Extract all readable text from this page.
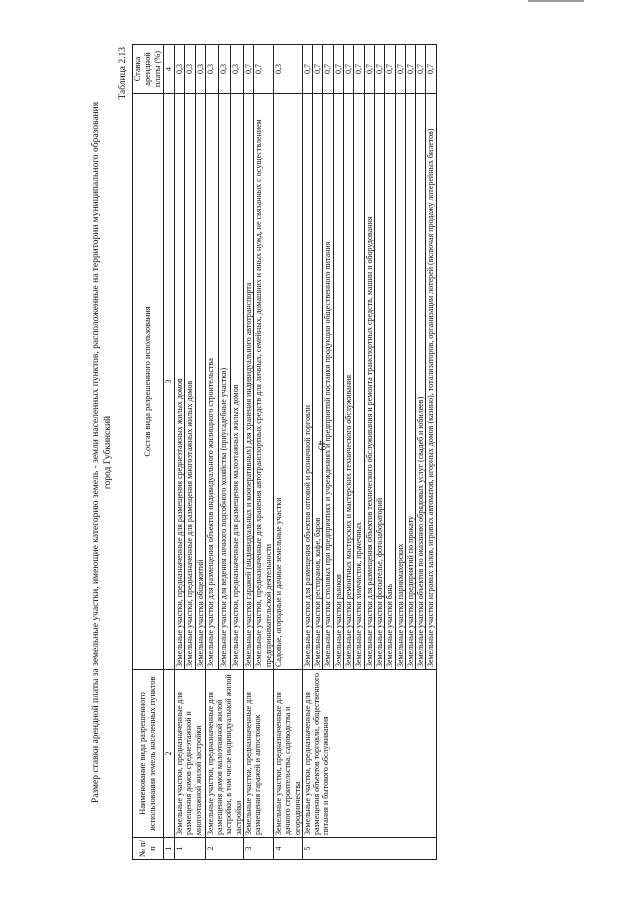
49
Размер ставки арендной платы за земельные участки, имеющие категорию земель - земли населенных пунктов, расположенные на территории муниципального образования город Губкинский
Таблица 2.13
№ п/п	Наименование вида разрешенного использования земель населенных пунктов	Состав вида разрешенного использования	Ставка арендной платы (%)
1	2	3	4
1	Земельные участки, предназначенные для размещения домов среднеэтажной и многоэтажной жилой застройки	Земельные участки, предназначенные для размещения среднеэтажных жилых домов	0,3
		Земельные участки, предназначенные для размещения многоэтажных жилых домов	0,3
		Земельные участки общежитий	0,3
2	Земельные участки, предназначенные для размещения домов малоэтажной жилой застройки, в том числе индивидуальной жилой застройки	Земельные участки для размещения объектов индивидуального жилищного строительства	0,3
		Земельные участки для ведения личного подсобного хозяйства (приусадебные участки)	0,3
		Земельные участки, предназначенные для размещения малоэтажных жилых домов	0,3
3	Земельные участки, предназначенные для размещения гаражей и автостоянок	Земельные участки гаражей (индивидуальных и кооперативных) для хранения индивидуального автотранспорта	0,7
		Земельные участки, предназначенные для хранения автотранспортных средств для личных, семейных, домашних и иных нужд, не связанных с осуществлением предпринимательской деятельности	0,7
4	Земельные участки, предназначенные для дачного строительства, садоводства и огородничества	Садовые, огородные и дачные земельные участки	0,3
5	Земельные участки, предназначенные для размещения объектов торговли, общественного питания и бытового обслуживания	Земельные участки для размещения объектов оптовой и розничной торговли	0,7
		Земельные участки ресторанов, кафе, баров	0,7
		Земельные участки столовых при предприятиях и учреждениях и предприятий поставки продукции общественного питания	0,7
		Земельные участки рынков	0,7
		Земельные участки ремонтных мастерских и мастерских технического обслуживания	0,7
		Земельные участки химчисток, прачечных	0,7
		Земельные участки для размещения объектов технического обслуживания и ремонта транспортных средств, машин и оборудования	0,7
		Земельные участки фотоателье, фотолабораторий	0,7
		Земельные участки бань	0,7
		Земельные участки парикмахерских	0,7
		Земельные участки предприятий по прокату	0,7
		Земельные участки объектов по оказанию обрядовых услуг (свадеб и юбилеев)	0,7
		Земельные участки игровых залов, игровых автоматов, игорных домов (казино), тотализаторов, организации лотерей (включая продажу лотерейных билетов)	0,7
